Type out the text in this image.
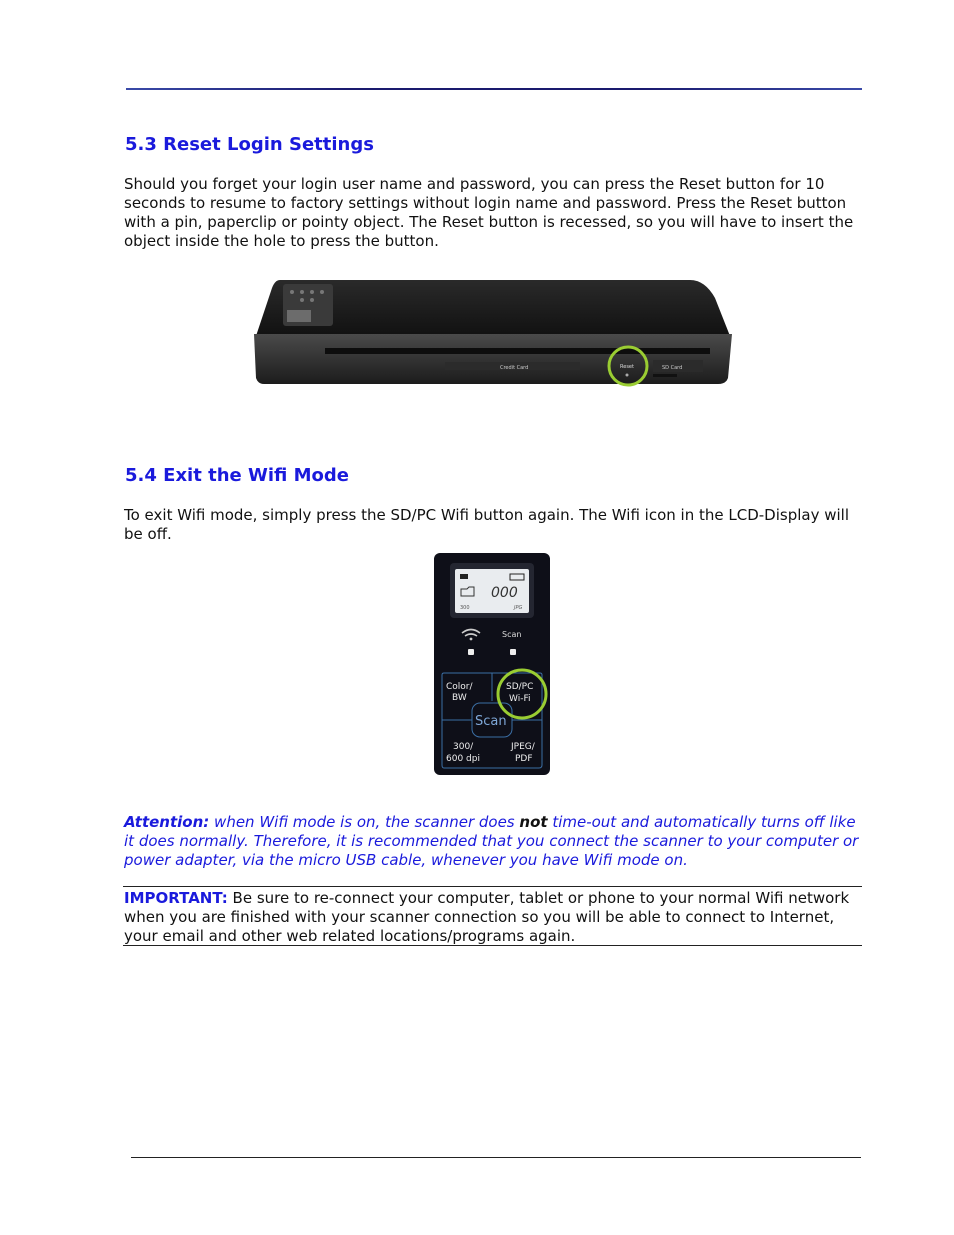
5.3 Reset Login Settings

Should you forget your login user name and password, you can press the Reset button for 10 seconds to resume to factory settings without login name and password. Press the Reset button with a pin, paperclip or pointy object. The Reset button is recessed, so you will have to insert the object inside the hole to press the button.

Credit Card	Reset	SD Card
5.4 Exit the Wifi Mode

To exit Wifi mode, simply press the SD/PC Wifi button again. The Wifi icon in the LCD-Display will be off.

000
300	JPG
Scan
Color/
BW
SD/PC
Wi-Fi
Scan
300/
600 dpi
JPEG/
PDF

Attention: when Wifi mode is on, the scanner does not time-out and automatically turns off like it does normally. Therefore, it is recommended that you connect the scanner to your computer or power adapter, via the micro USB cable, whenever you have Wifi mode on.

IMPORTANT: Be sure to re-connect your computer, tablet or phone to your normal Wifi network when you are finished with your scanner connection so you will be able to connect to Internet, your email and other web related locations/programs again.
